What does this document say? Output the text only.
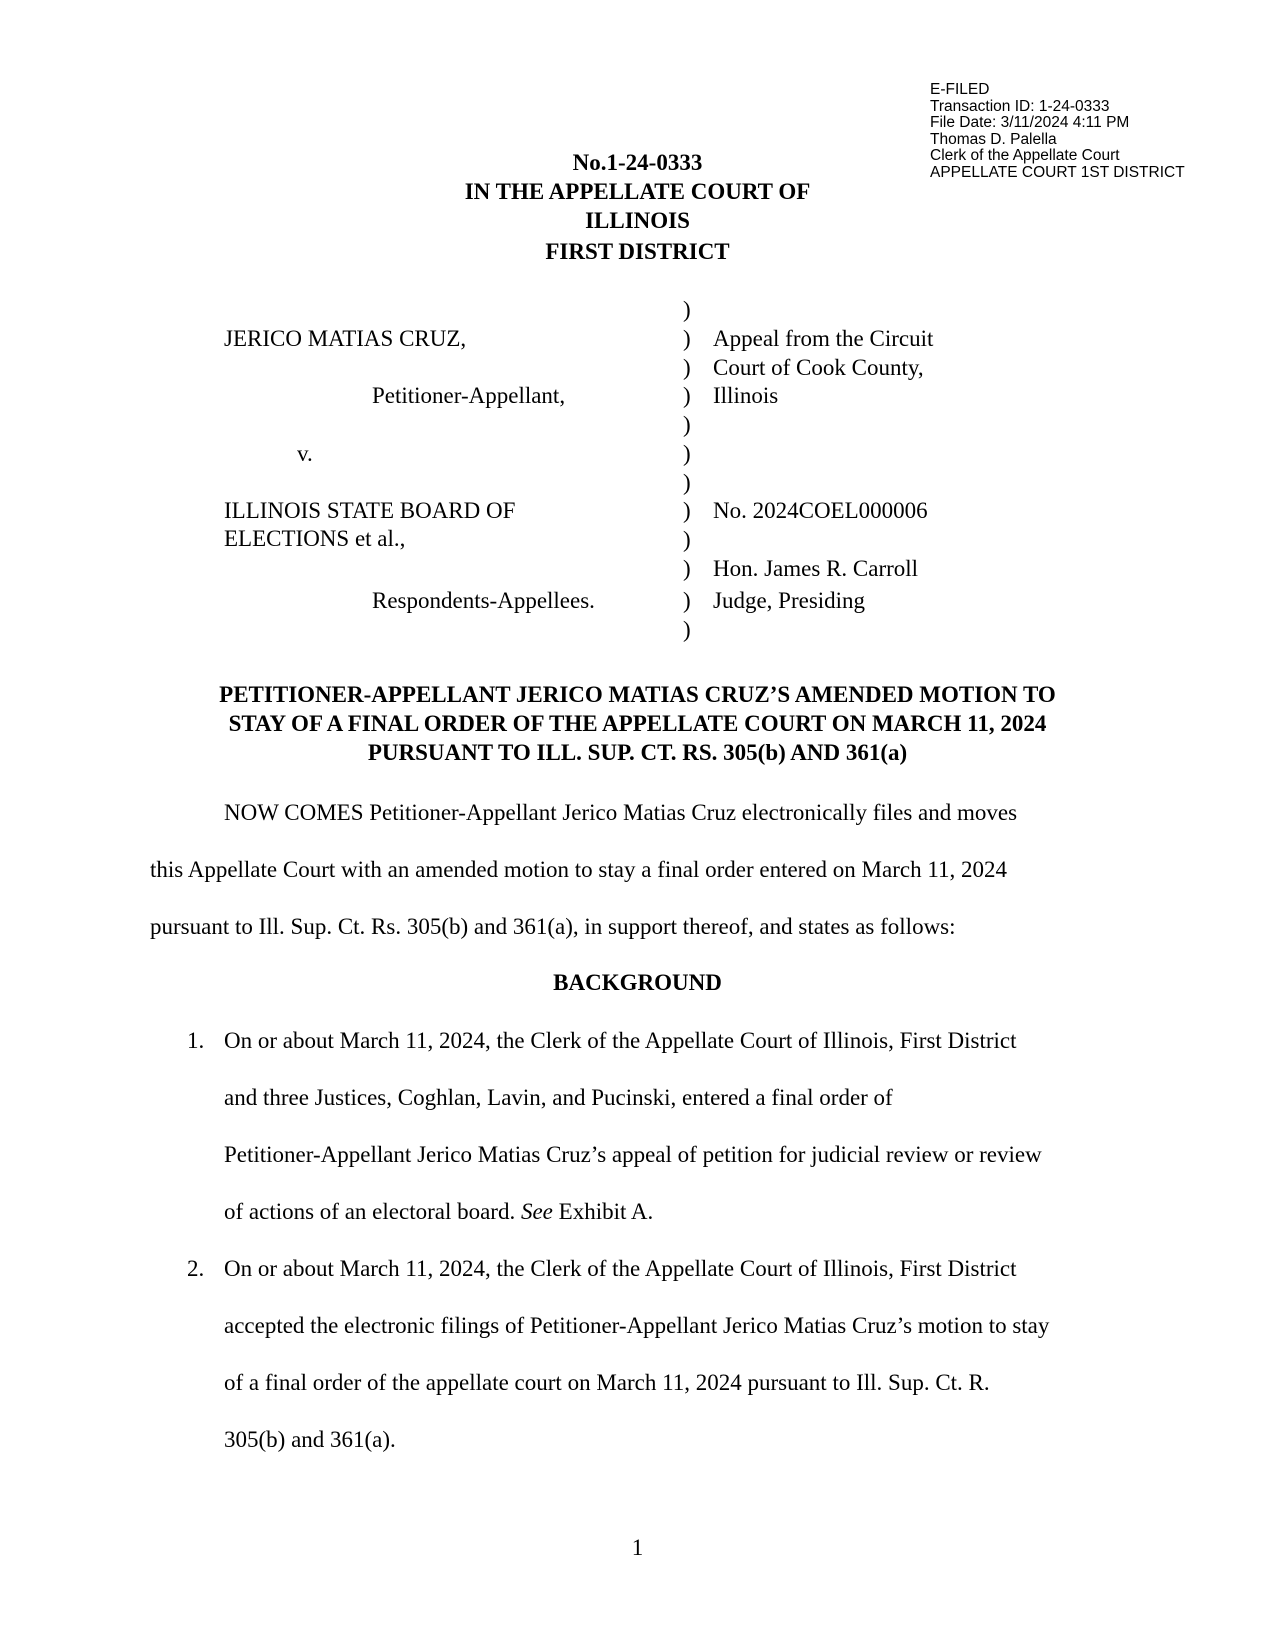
E-FILED
Transaction ID: 1-24-0333
File Date: 3/11/2024 4:11 PM
Thomas D. Palella
Clerk of the Appellate Court
APPELLATE COURT 1ST DISTRICT
No.1-24-0333
IN THE APPELLATE COURT OF
ILLINOIS
FIRST DISTRICT
JERICO MATIAS CRUZ,
Petitioner-Appellant,
v.
ILLINOIS STATE BOARD OF
ELECTIONS et al.,
Respondents-Appellees.
)
)
)
)
)
)
)
)
)
)
)
)
Appeal from the Circuit
Court of Cook County,
Illinois
No. 2024COEL000006
Hon. James R. Carroll
Judge, Presiding
PETITIONER-APPELLANT JERICO MATIAS CRUZ’S AMENDED MOTION TO
STAY OF A FINAL ORDER OF THE APPELLATE COURT ON MARCH 11, 2024
PURSUANT TO ILL. SUP. CT. RS. 305(b) AND 361(a)
NOW COMES Petitioner-Appellant Jerico Matias Cruz electronically files and moves
this Appellate Court with an amended motion to stay a final order entered on March 11, 2024
pursuant to Ill. Sup. Ct. Rs. 305(b) and 361(a), in support thereof, and states as follows:
BACKGROUND
1. On or about March 11, 2024, the Clerk of the Appellate Court of Illinois, First District
and three Justices, Coghlan, Lavin, and Pucinski, entered a final order of
Petitioner-Appellant Jerico Matias Cruz’s appeal of petition for judicial review or review
of actions of an electoral board. See Exhibit A.
2. On or about March 11, 2024, the Clerk of the Appellate Court of Illinois, First District
accepted the electronic filings of Petitioner-Appellant Jerico Matias Cruz’s motion to stay
of a final order of the appellate court on March 11, 2024 pursuant to Ill. Sup. Ct. R.
305(b) and 361(a).
1
